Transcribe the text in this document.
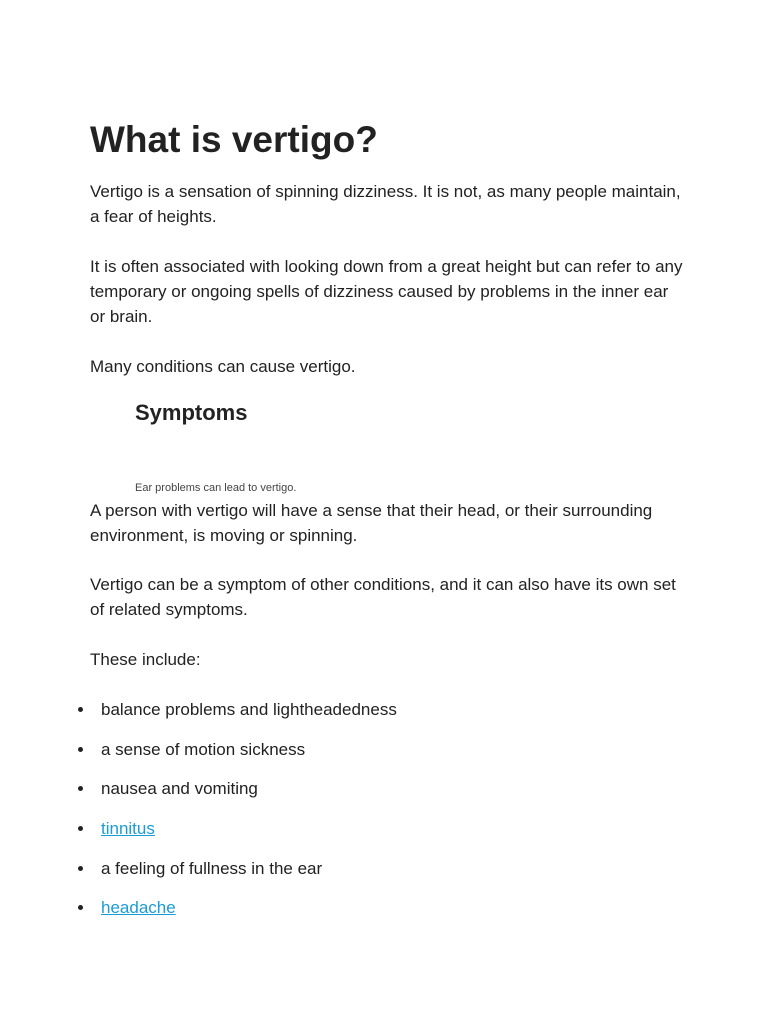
What is vertigo?

Vertigo is a sensation of spinning dizziness. It is not, as many people maintain, a fear of heights.

It is often associated with looking down from a great height but can refer to any temporary or ongoing spells of dizziness caused by problems in the inner ear or brain.

Many conditions can cause vertigo.

Symptoms

Ear problems can lead to vertigo.

A person with vertigo will have a sense that their head, or their surrounding environment, is moving or spinning.

Vertigo can be a symptom of other conditions, and it can also have its own set of related symptoms.

These include:

balance problems and lightheadedness
a sense of motion sickness
nausea and vomiting
tinnitus
a feeling of fullness in the ear
headache
